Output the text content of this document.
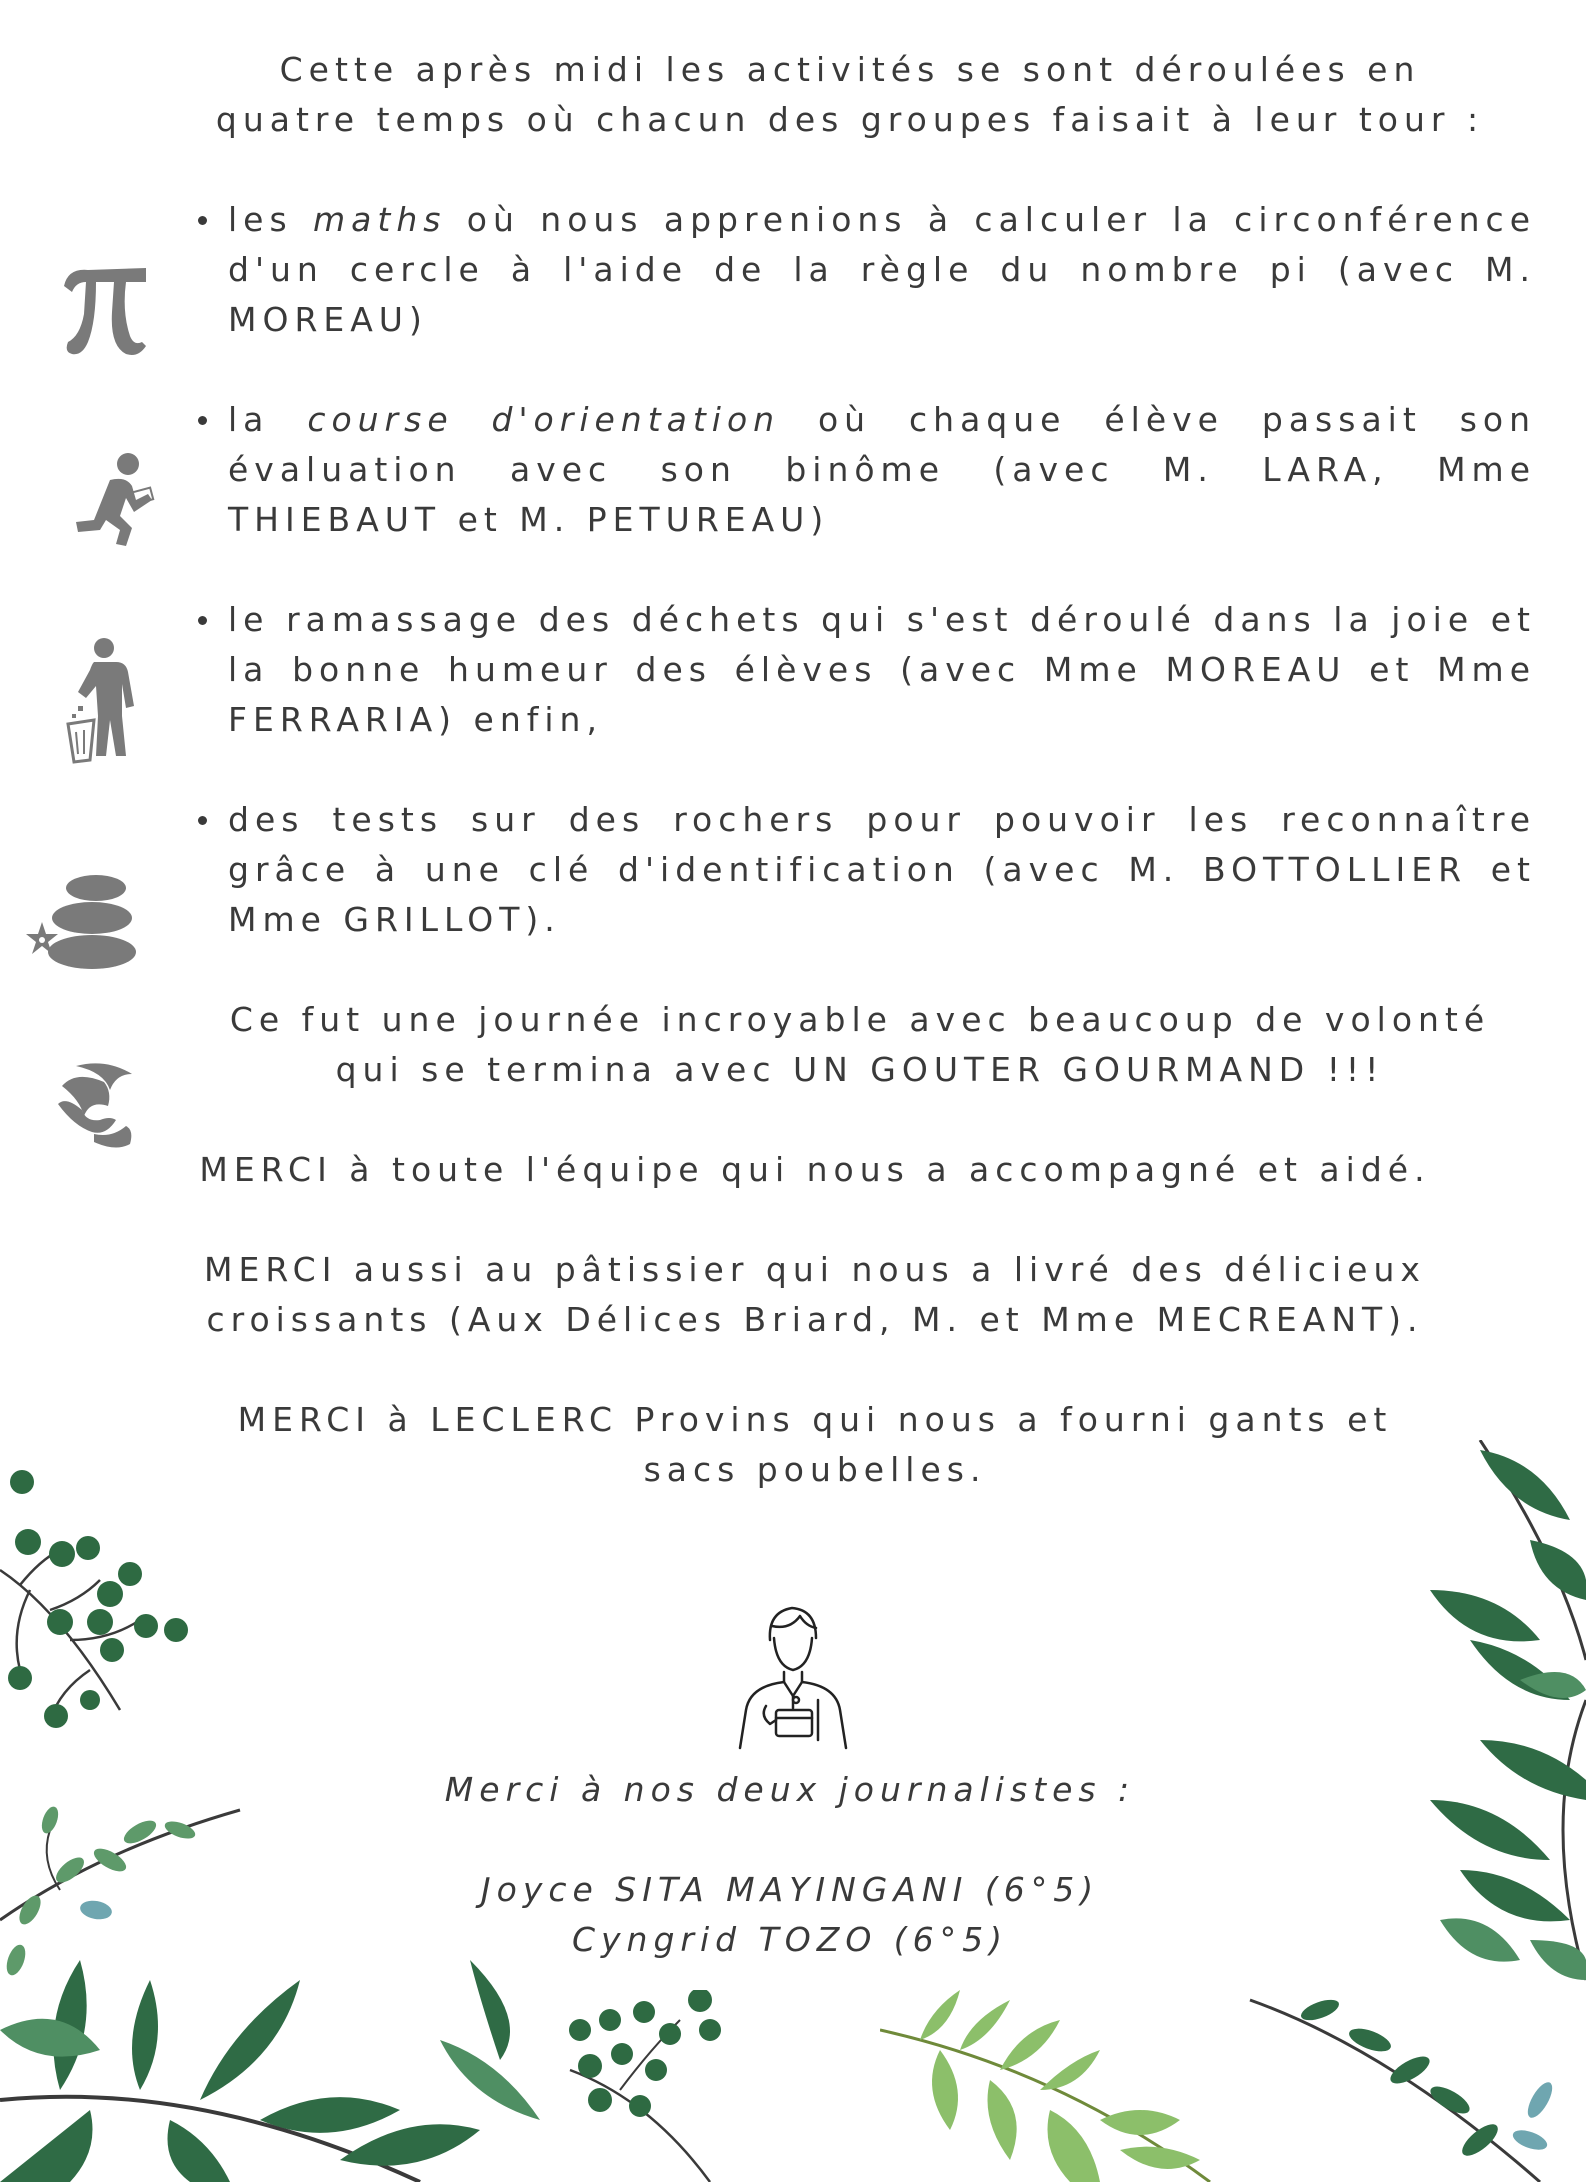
Cette après midi les activités se sont déroulées en
quatre temps où chacun des groupes faisait à leur tour :

les maths où nous apprenions à calculer la circonférence d'un cercle à l'aide de la règle du nombre pi (avec M. MOREAU)

la course d'orientation où chaque élève passait son évaluation avec son binôme (avec M. LARA, Mme THIEBAUT et M. PETUREAU)

le ramassage des déchets qui s'est déroulé dans la joie et la bonne humeur des élèves (avec Mme MOREAU et Mme FERRARIA) enfin,

des tests sur des rochers pour pouvoir les reconnaître grâce à une clé d'identification (avec M. BOTTOLLIER et Mme GRILLOT).

Ce fut une journée incroyable avec beaucoup de volonté
qui se termina avec UN GOUTER GOURMAND !!!

MERCI à toute l'équipe qui nous a accompagné et aidé.

MERCI aussi au pâtissier qui nous a livré des délicieux
croissants (Aux Délices Briard, M. et Mme MECREANT).

MERCI à LECLERC Provins qui nous a fourni gants et
sacs poubelles.

Merci à nos deux journalistes :

Joyce SITA MAYINGANI (6°5)
Cyngrid TOZO (6°5)
